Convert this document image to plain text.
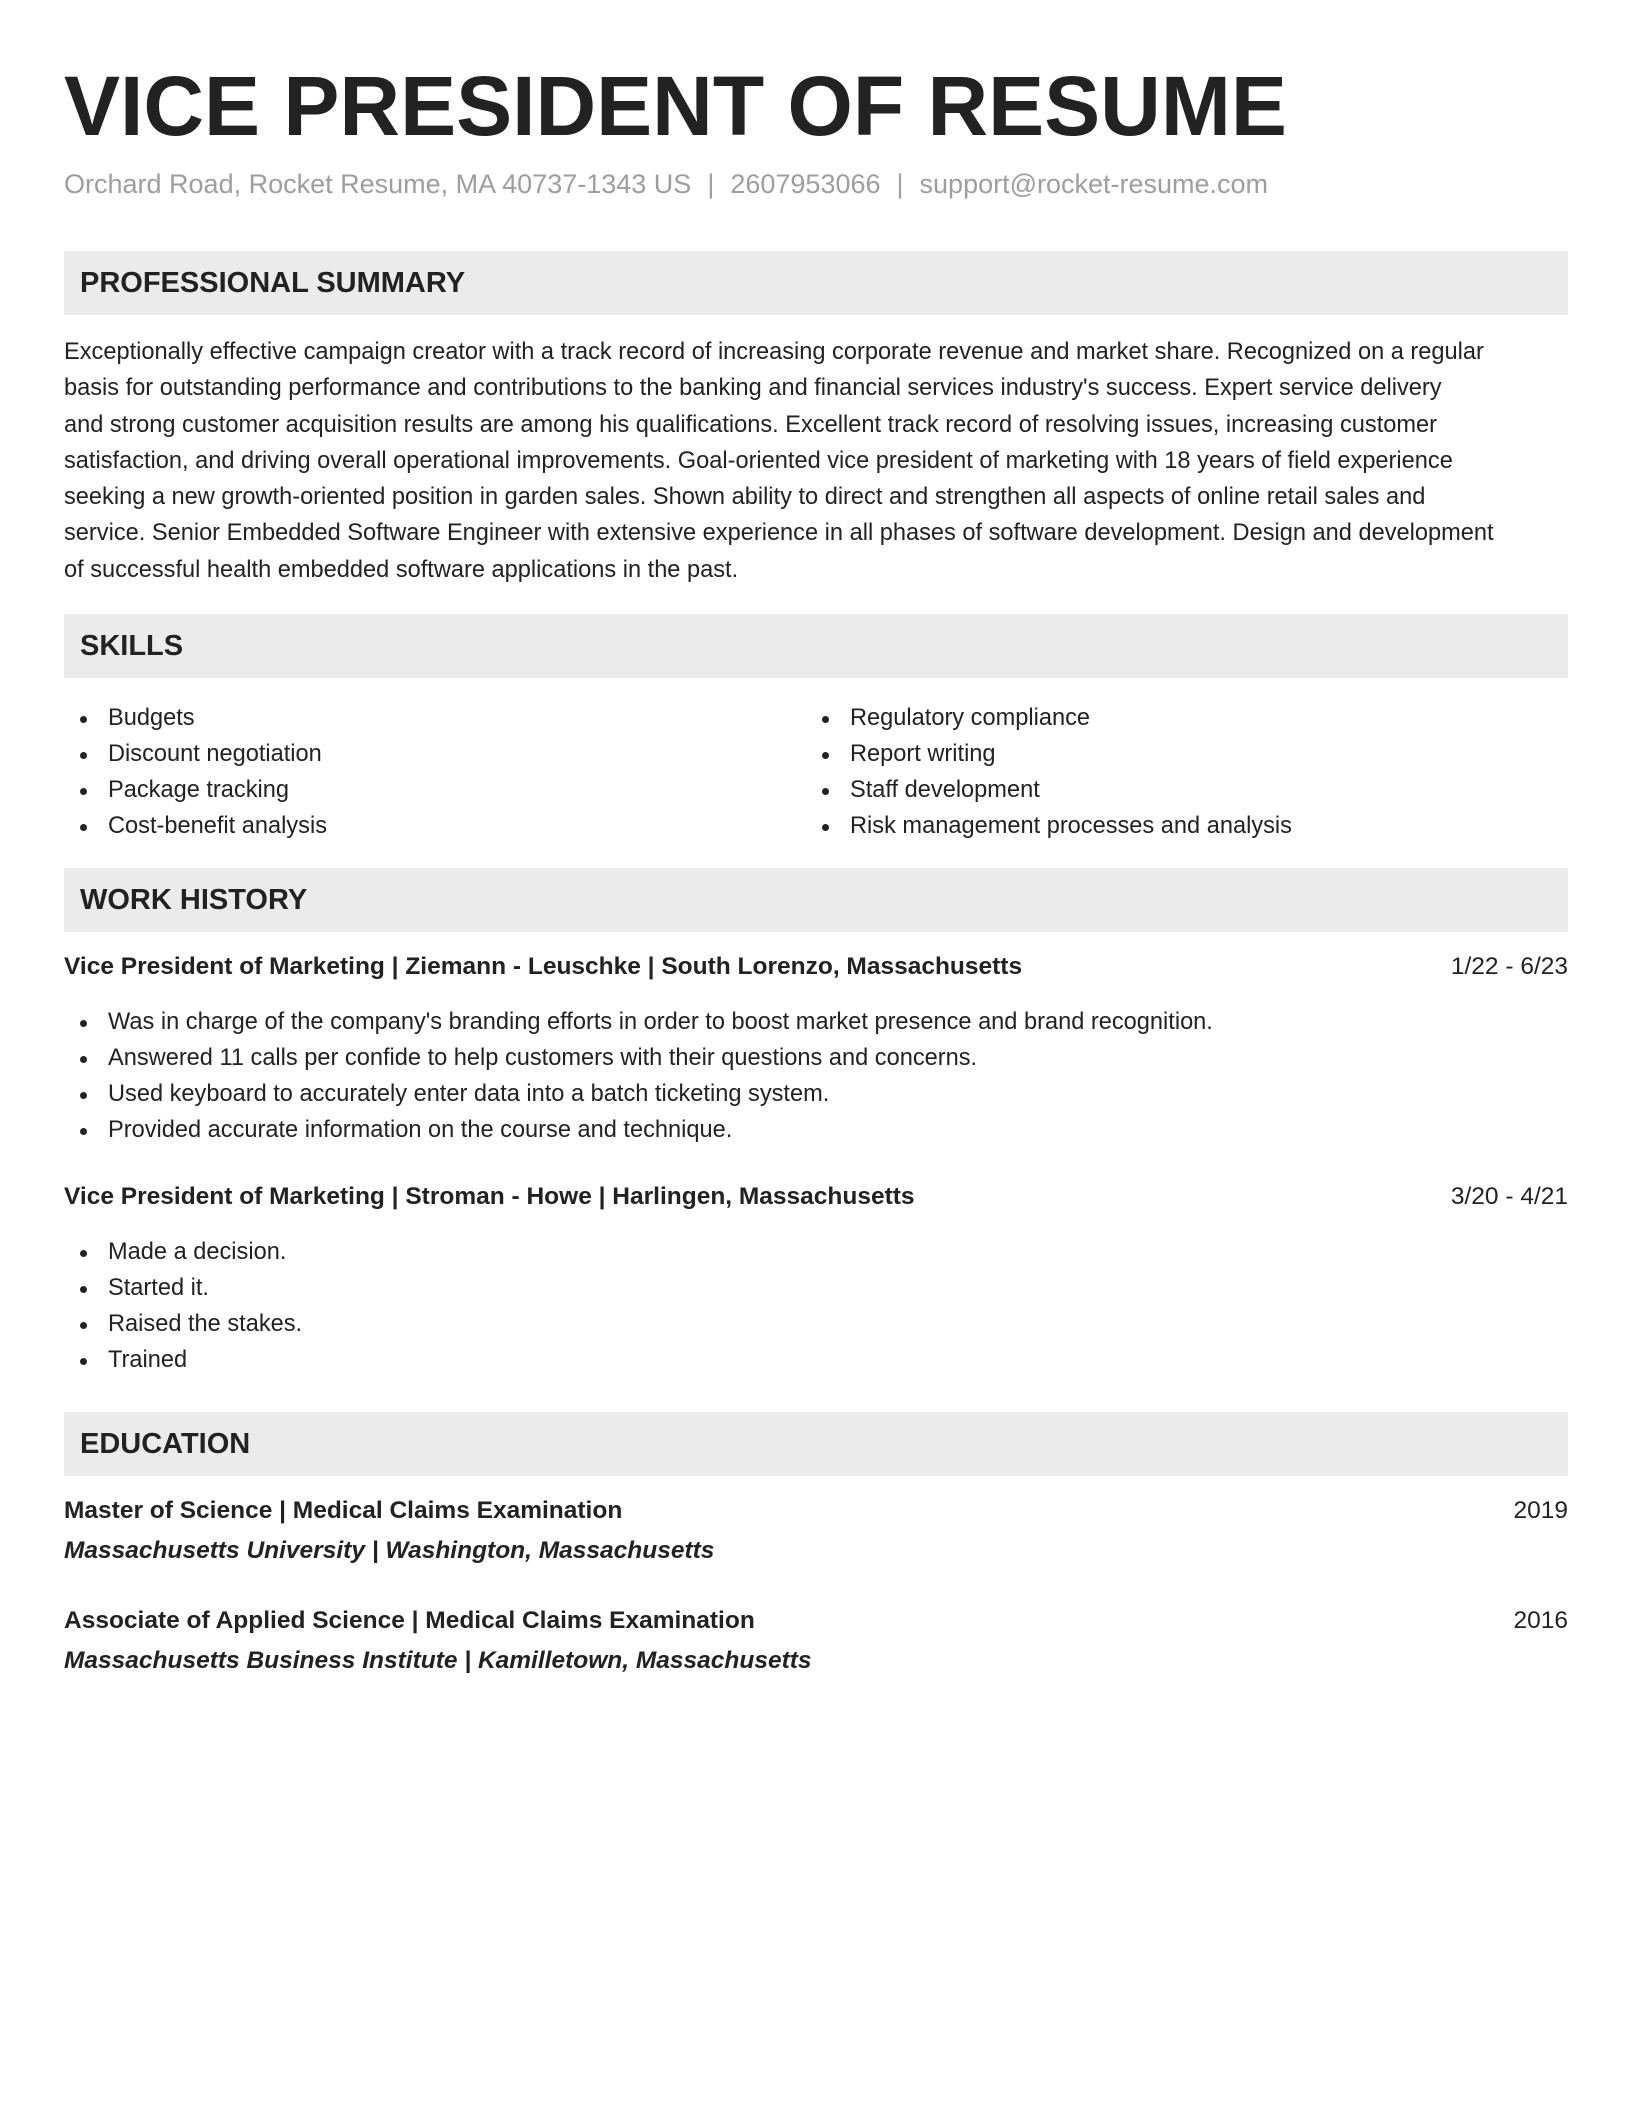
VICE PRESIDENT OF RESUME
Orchard Road, Rocket Resume, MA 40737-1343 US | 2607953066 | support@rocket-resume.com
PROFESSIONAL SUMMARY
Exceptionally effective campaign creator with a track record of increasing corporate revenue and market share. Recognized on a regular
basis for outstanding performance and contributions to the banking and financial services industry's success. Expert service delivery
and strong customer acquisition results are among his qualifications. Excellent track record of resolving issues, increasing customer
satisfaction, and driving overall operational improvements. Goal-oriented vice president of marketing with 18 years of field experience
seeking a new growth-oriented position in garden sales. Shown ability to direct and strengthen all aspects of online retail sales and
service. Senior Embedded Software Engineer with extensive experience in all phases of software development. Design and development
of successful health embedded software applications in the past.
SKILLS
Budgets
Discount negotiation
Package tracking
Cost-benefit analysis
Regulatory compliance
Report writing
Staff development
Risk management processes and analysis
WORK HISTORY
Vice President of Marketing | Ziemann - Leuschke | South Lorenzo, Massachusetts	1/22 - 6/23
Was in charge of the company's branding efforts in order to boost market presence and brand recognition.
Answered 11 calls per confide to help customers with their questions and concerns.
Used keyboard to accurately enter data into a batch ticketing system.
Provided accurate information on the course and technique.
Vice President of Marketing | Stroman - Howe | Harlingen, Massachusetts	3/20 - 4/21
Made a decision.
Started it.
Raised the stakes.
Trained
EDUCATION
Master of Science | Medical Claims Examination	2019
Massachusetts University | Washington, Massachusetts
Associate of Applied Science | Medical Claims Examination	2016
Massachusetts Business Institute | Kamilletown, Massachusetts
